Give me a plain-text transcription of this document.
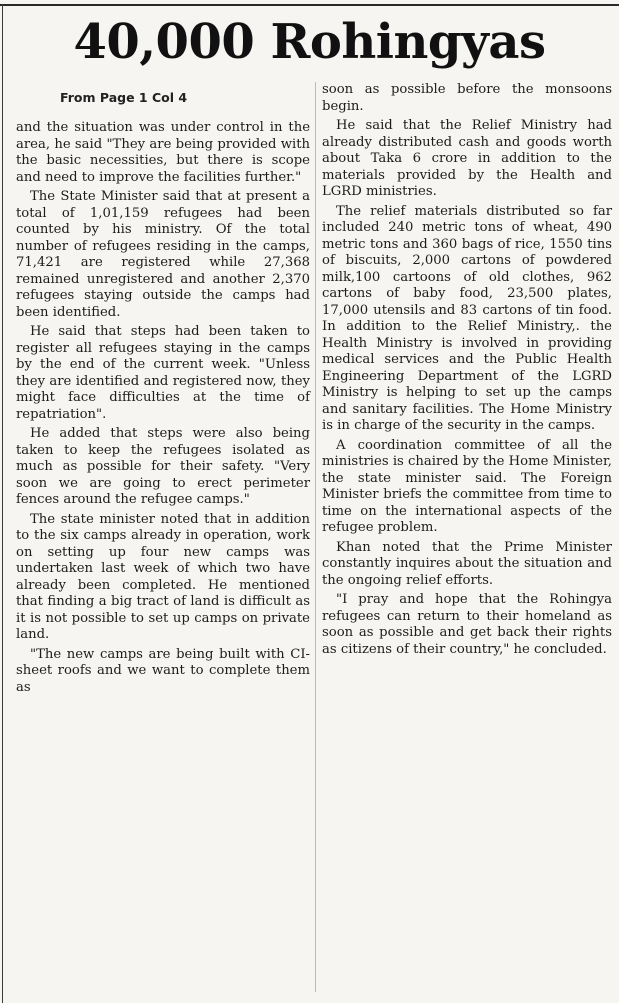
40,000 Rohingyas
From Page 1 Col 4

and the situation was under control in the area, he said "They are being provided with the basic necessities, but there is scope and need to improve the facilities further."

The State Minister said that at present a total of 1,01,159 refugees had been counted by his ministry. Of the total number of refugees residing in the camps, 71,421 are registered while 27,368 remained unregistered and another 2,370 refugees staying outside the camps had been identified.

He said that steps had been taken to register all refugees staying in the camps by the end of the current week. "Unless they are identified and registered now, they might face difficulties at the time of repatriation".

He added that steps were also being taken to keep the refugees isolated as much as possible for their safety. "Very soon we are going to erect perimeter fences around the refugee camps."

The state minister noted that in addition to the six camps already in operation, work on setting up four new camps was undertaken last week of which two have already been completed. He mentioned that finding a big tract of land is difficult as it is not possible to set up camps on private land.

"The new camps are being built with CI-sheet roofs and we want to complete them as

soon as possible before the monsoons begin.

He said that the Relief Ministry had already distributed cash and goods worth about Taka 6 crore in addition to the materials provided by the Health and LGRD ministries.

The relief materials distributed so far included 240 metric tons of wheat, 490 metric tons and 360 bags of rice, 1550 tins of biscuits, 2,000 cartons of powdered milk,100 cartoons of old clothes, 962 cartons of baby food, 23,500 plates, 17,000 utensils and 83 cartons of tin food. In addition to the Relief Ministry,. the Health Ministry is involved in providing medical services and the Public Health Engineering Department of the LGRD Ministry is helping to set up the camps and sanitary facilities. The Home Ministry is in charge of the security in the camps.

A coordination committee of all the ministries is chaired by the Home Minister, the state minister said. The Foreign Minister briefs the committee from time to time on the international aspects of the refugee problem.

Khan noted that the Prime Minister constantly inquires about the situation and the ongoing relief efforts.

"I pray and hope that the Rohingya refugees can return to their homeland as soon as possible and get back their rights as citizens of their country," he concluded.
